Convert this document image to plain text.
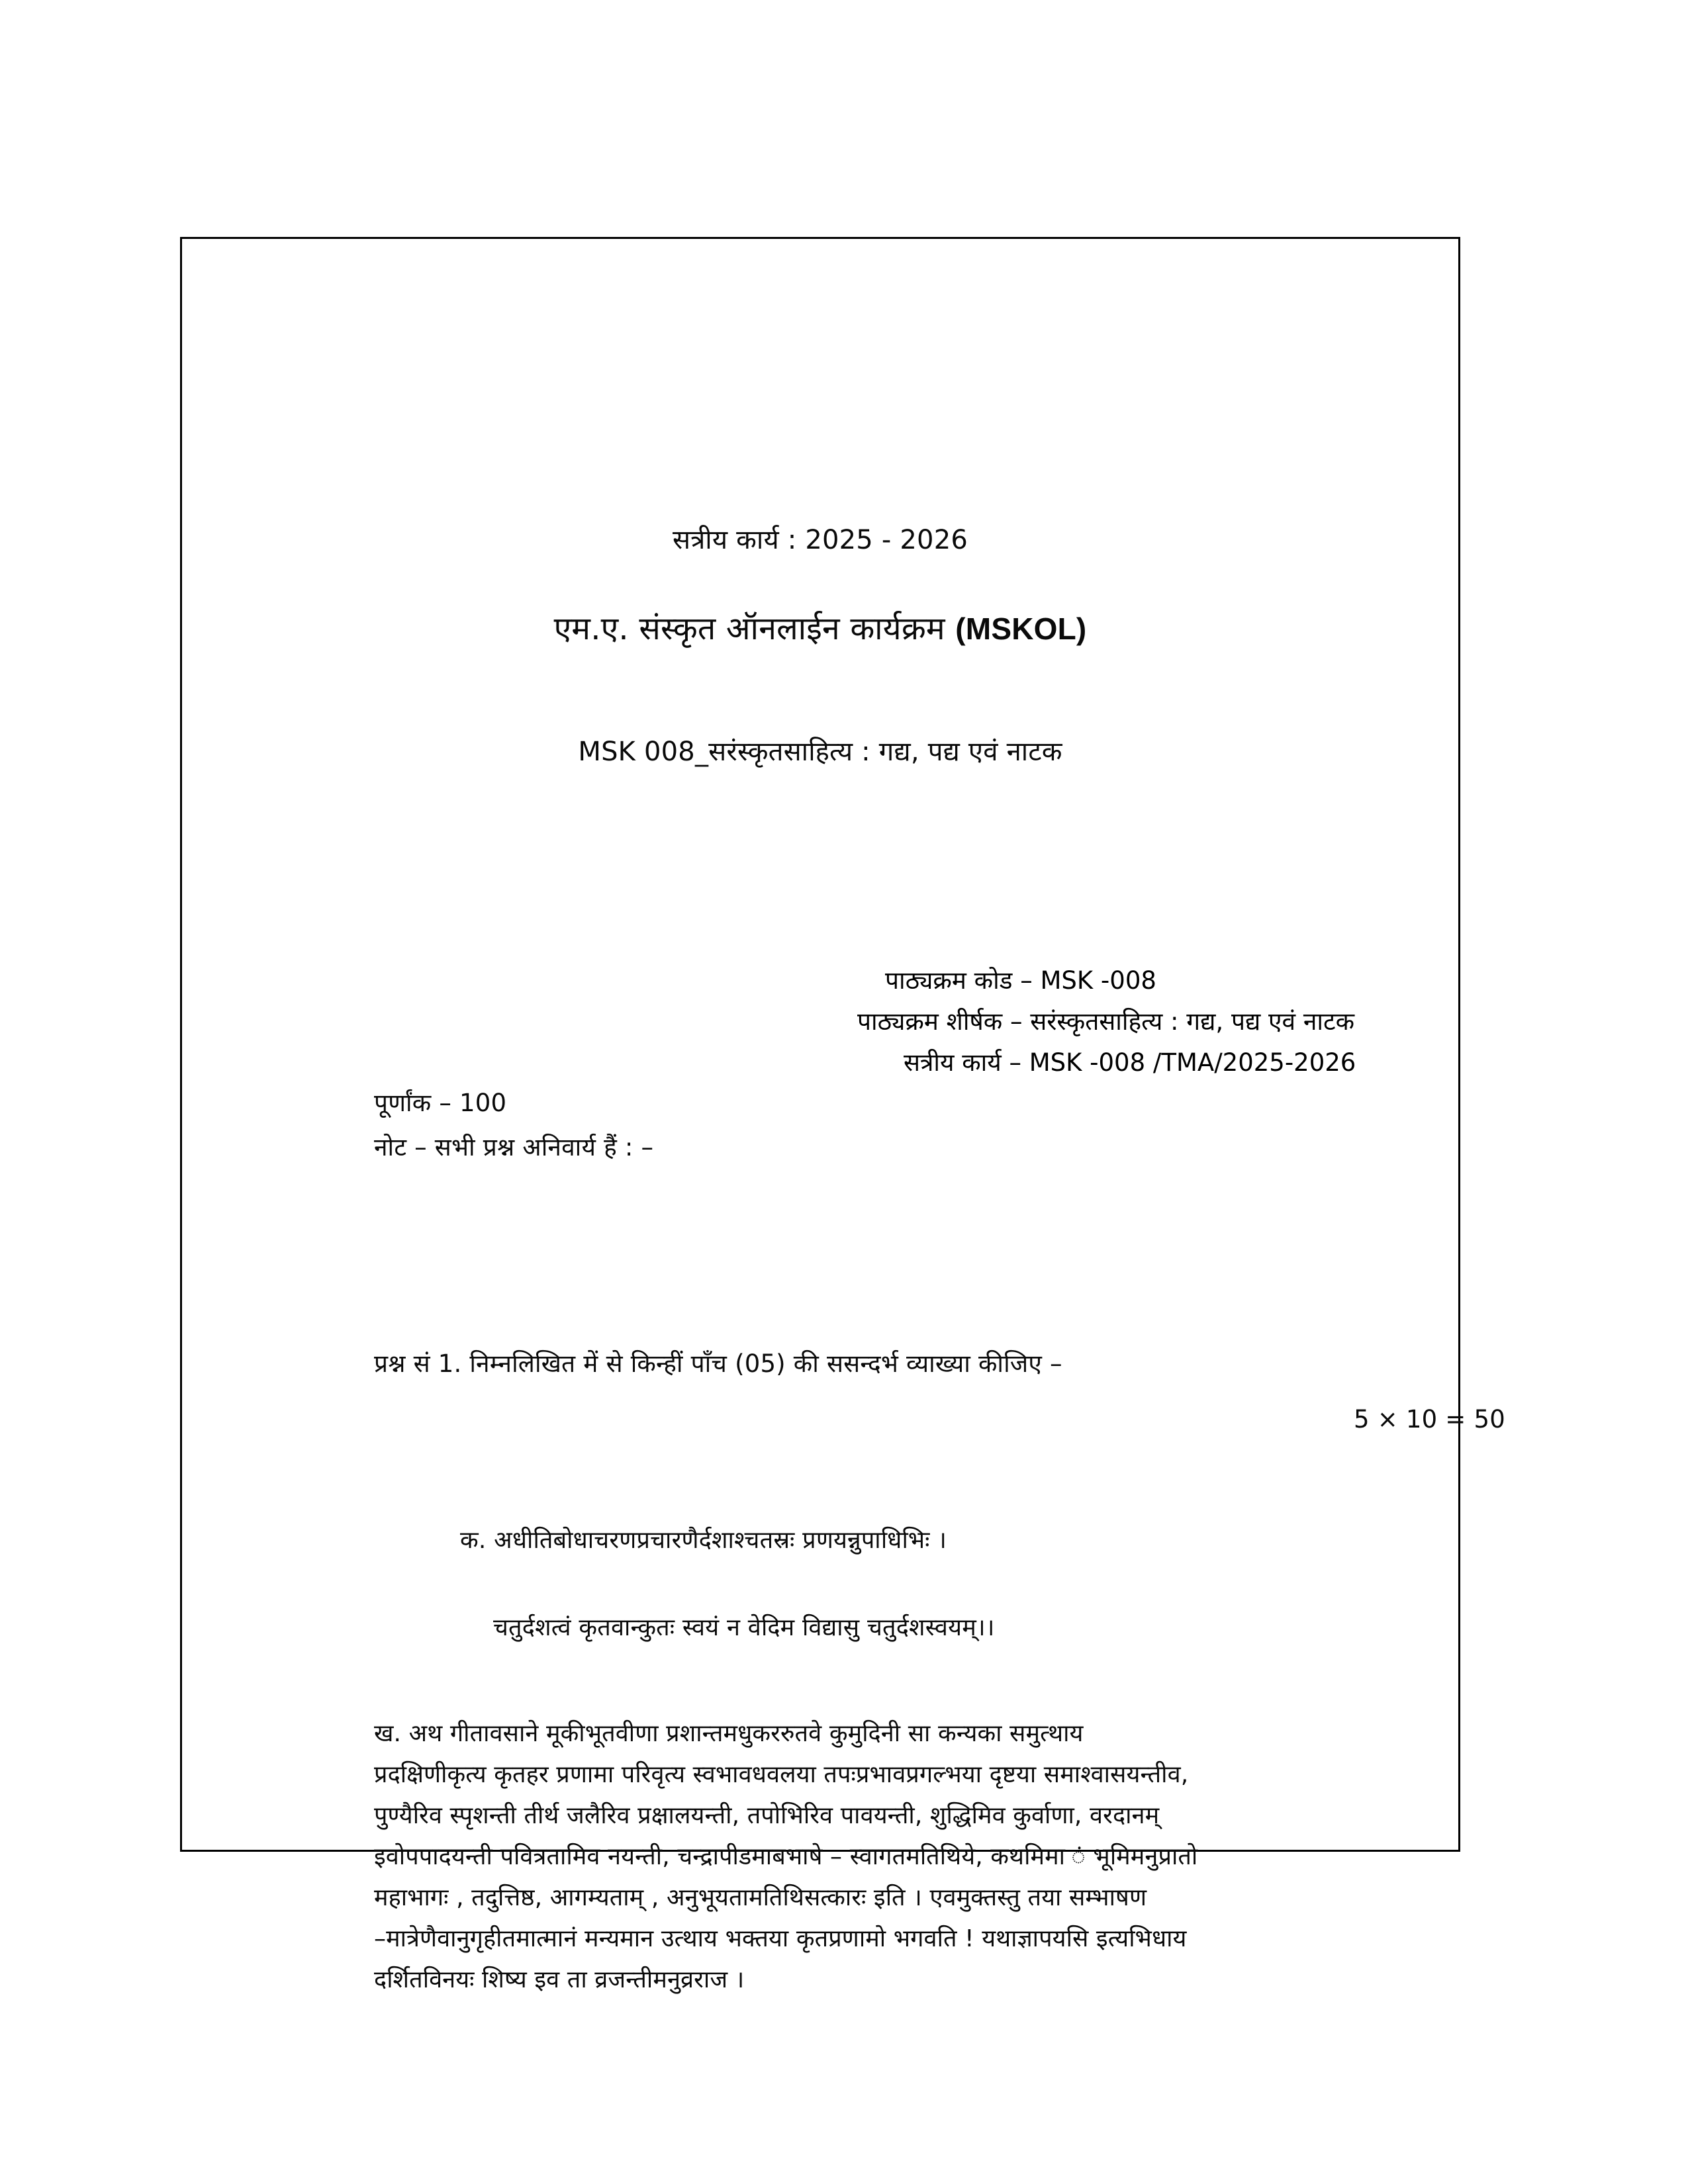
सत्रीय कार्य : 2025 - 2026
एम.ए. संस्कृत ऑनलाईन कार्यक्रम (MSKOL)
MSK 008_सरंस्कृतसाहित्य : गद्य, पद्य एवं नाटक
पाठ्यक्रम कोड – MSK -008
पाठ्यक्रम शीर्षक – सरंस्कृतसाहित्य : गद्य, पद्य एवं नाटक
सत्रीय कार्य – MSK -008 /TMA/2025-2026
पूर्णांक – 100
नोट – सभी प्रश्न अनिवार्य हैं : –
प्रश्न सं 1. निम्नलिखित में से किन्हीं पाँच (05) की ससन्दर्भ व्याख्या कीजिए –
5 × 10 = 50
क. अधीतिबोधाचरणप्रचारणैर्दशाश्चतस्रः प्रणयन्नुपाधिभिः ।
चतुर्दशत्वं कृतवान्कुतः स्वयं न वेदिम विद्यासु चतुर्दशस्वयम्।।
ख. अथ गीतावसाने मूकीभूतवीणा प्रशान्तमधुकररुतवे कुमुदिनी सा कन्यका समुत्थाय
प्रदक्षिणीकृत्य कृतहर प्रणामा परिवृत्य स्वभावधवलया तपःप्रभावप्रगल्भया दृष्टया समाश्वासयन्तीव,
पुण्यैरिव स्पृशन्ती तीर्थ जलैरिव प्रक्षालयन्ती, तपोभिरिव पावयन्ती, शुद्धिमिव कुर्वाणा, वरदानम्
इवोपपादयन्ती पवित्रतामिव नयन्ती, चन्द्रापीडमाबभाषे – स्वागतमतिथिये, कथमिमा ं भूमिमनुप्रातो
महाभागः , तदुत्तिष्ठ, आगम्यताम् , अनुभूयतामतिथिसत्कारः इति । एवमुक्तस्तु तया सम्भाषण
–मात्रेणैवानुगृहीतमात्मानं मन्यमान उत्थाय भक्तया कृतप्रणामो भगवति ! यथाज्ञापयसि इत्यभिधाय
दर्शितविनयः शिष्य इव ता व्रजन्तीमनुव्रराज ।
